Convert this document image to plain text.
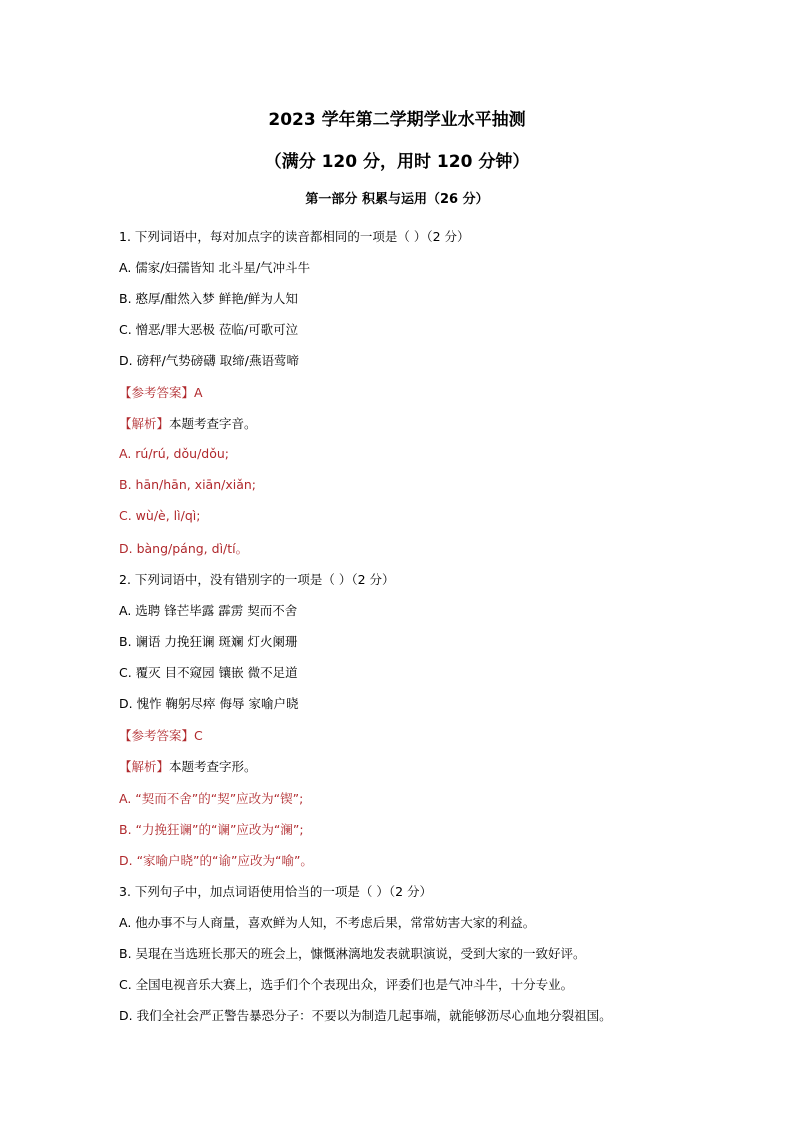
2023 学年第二学期学业水平抽测
（满分 120 分，用时 120 分钟）
第一部分 积累与运用（26 分）
1. 下列词语中，每对加点字的读音都相同的一项是（ ）（2 分）
A. 儒家/妇孺皆知 北斗星/气冲斗牛
B. 憨厚/酣然入梦 鲜艳/鲜为人知
C. 憎恶/罪大恶极 莅临/可歌可泣
D. 磅秤/气势磅礴 取缔/燕语莺啼
【参考答案】A
【解析】本题考查字音。
A. rú/rú, dǒu/dǒu;
B. hān/hān, xiān/xiǎn;
C. wù/è, lì/qì;
D. bàng/páng, dì/tí。
2. 下列词语中，没有错别字的一项是（ ）（2 分）
A. 选聘 锋芒毕露 霹雳 契而不舍
B. 谰语 力挽狂谰 斑斓 灯火阑珊
C. 覆灭 目不窥园 镶嵌 微不足道
D. 愧怍 鞠躬尽瘁 侮辱 家喻户晓
【参考答案】C
【解析】本题考查字形。
A. “契而不舍”的“契”应改为“锲”;
B. “力挽狂谰”的“谰”应改为“澜”;
D. “家喻户晓”的“谕”应改为“喻”。
3. 下列句子中，加点词语使用恰当的一项是（ ）（2 分）
A. 他办事不与人商量，喜欢鲜为人知，不考虑后果，常常妨害大家的利益。
B. 吴琨在当选班长那天的班会上，慷慨淋漓地发表就职演说，受到大家的一致好评。
C. 全国电视音乐大赛上，选手们个个表现出众，评委们也是气冲斗牛，十分专业。
D. 我们全社会严正警告暴恐分子：不要以为制造几起事端，就能够沥尽心血地分裂祖国。
